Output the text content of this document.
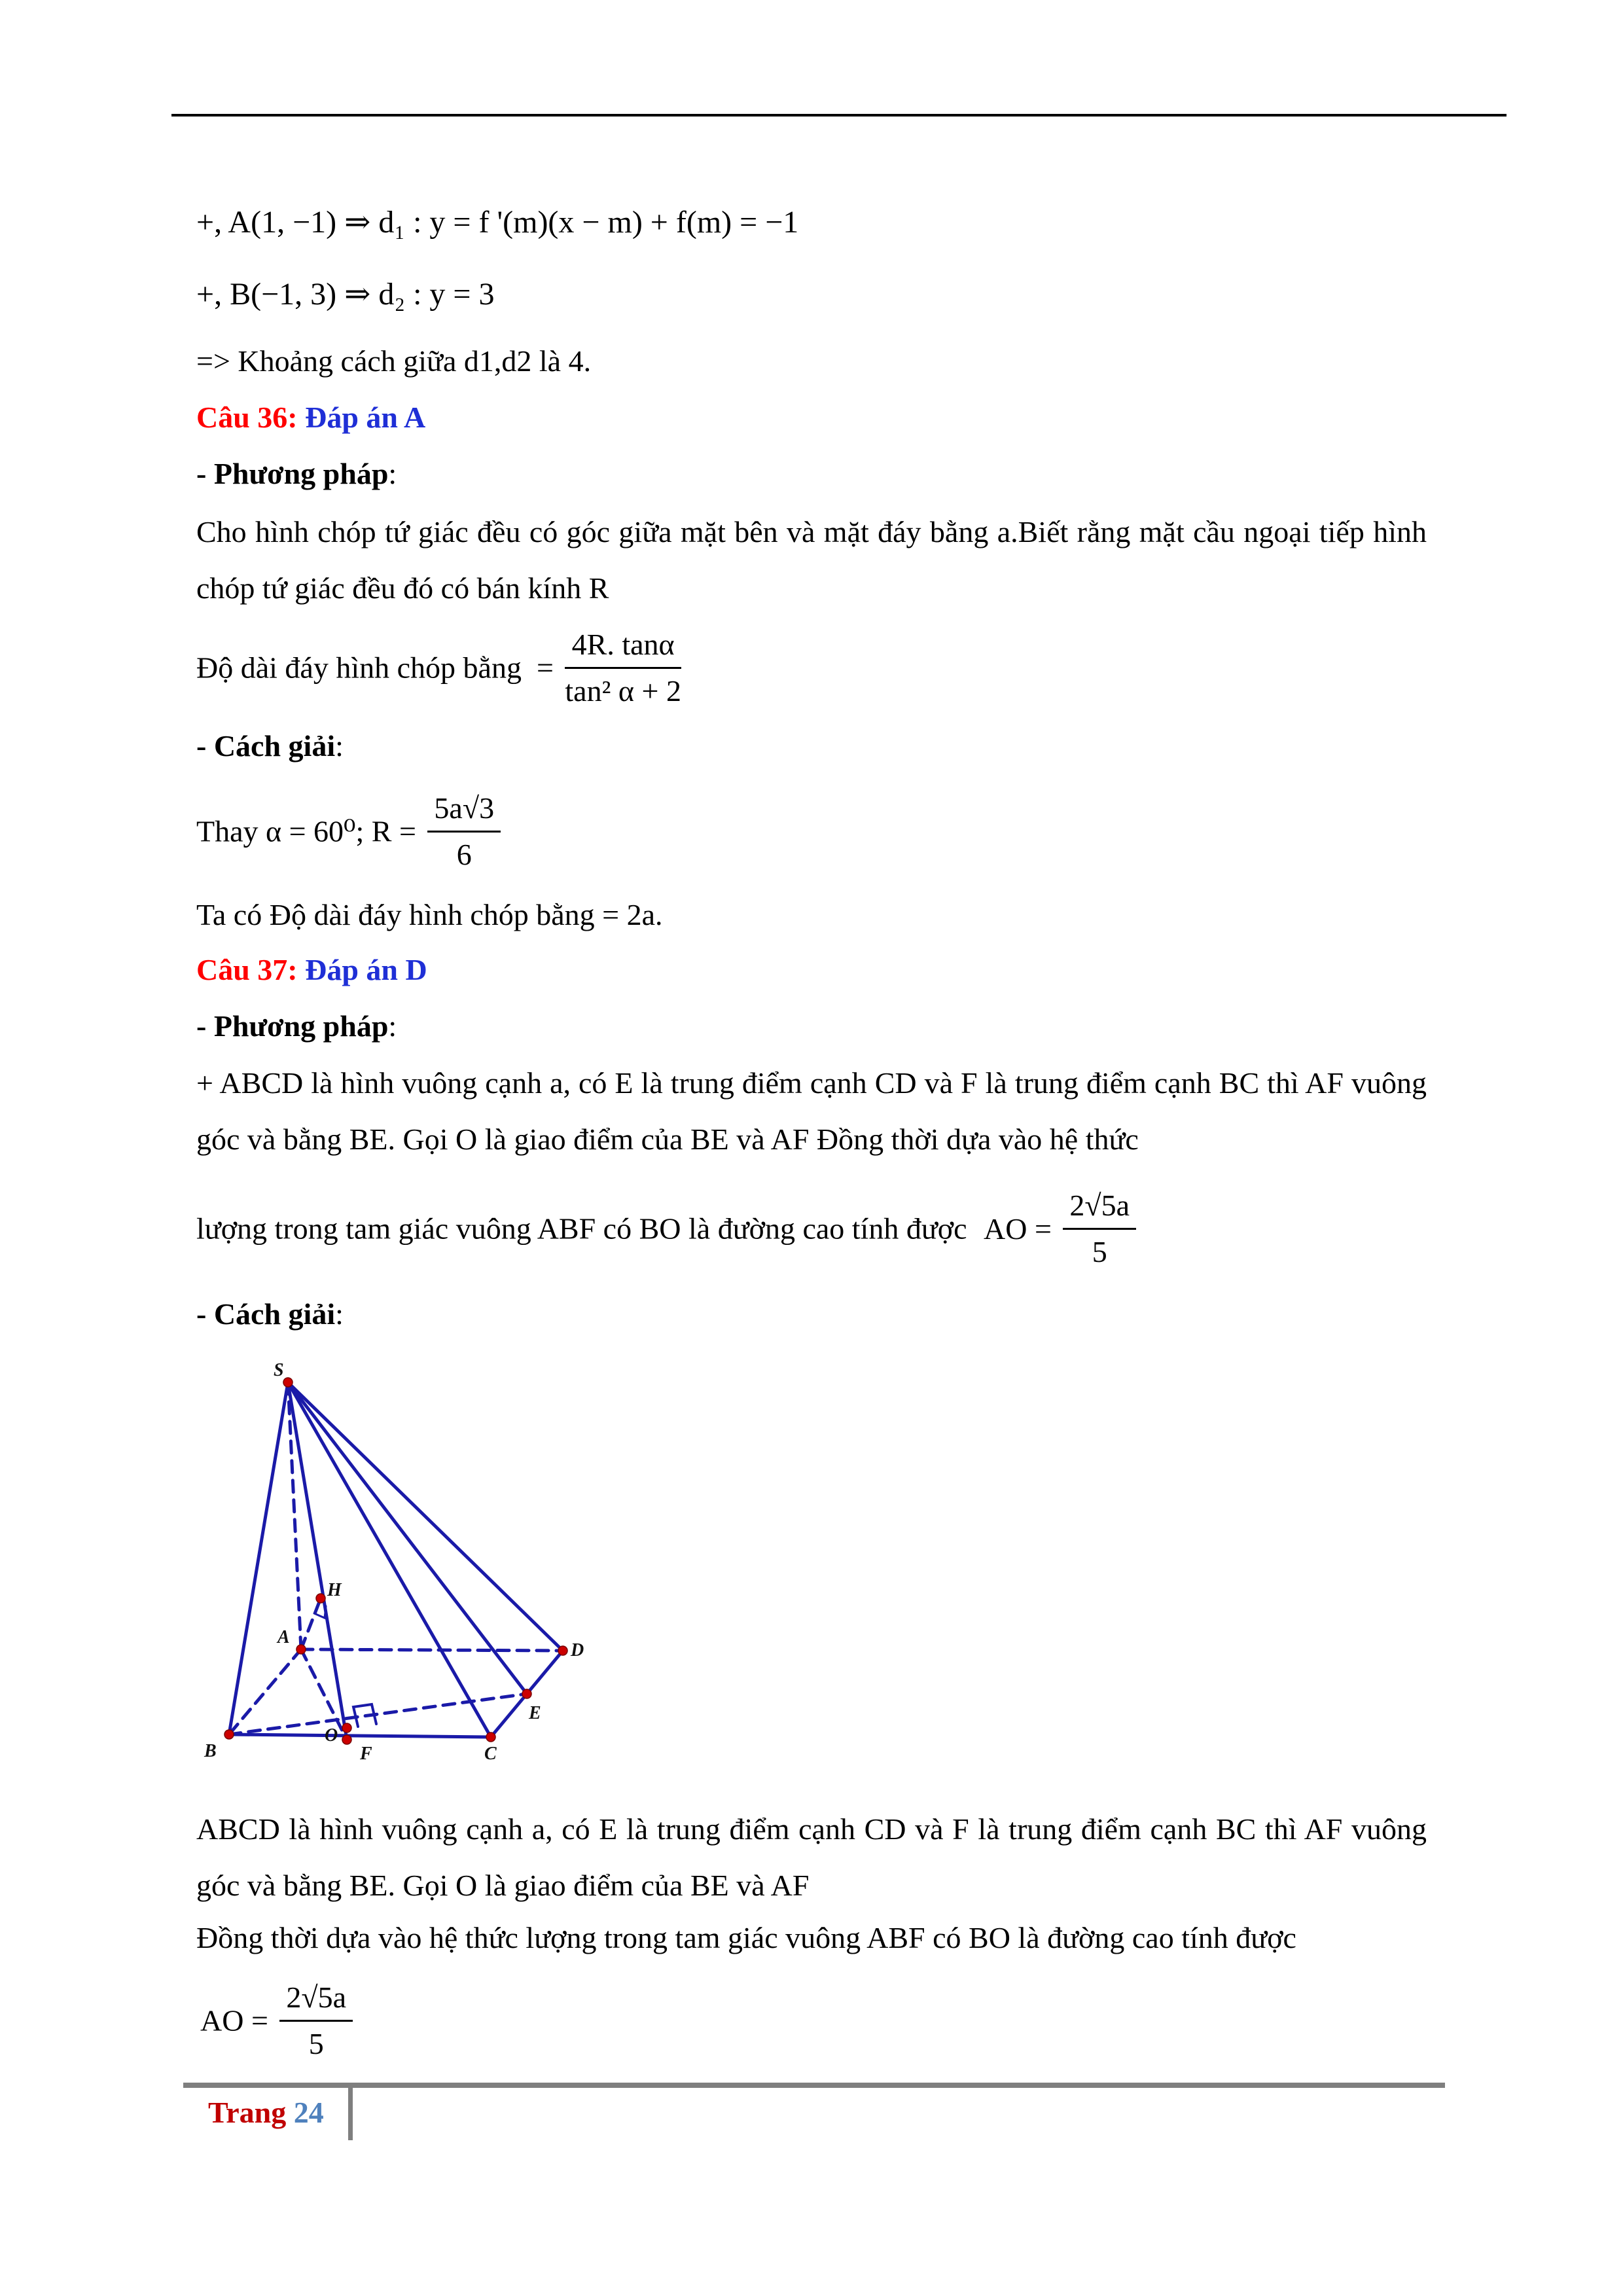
+, A(1, −1) ⇒ d₁ : y = f '(m)(x − m) + f(m) = −1
+, B(−1, 3) ⇒ d₂ : y = 3
=> Khoảng cách giữa d1,d2 là 4.
Câu 36: Đáp án A
- Phương pháp:
Cho hình chóp tứ giác đều có góc giữa mặt bên và mặt đáy bằng a.Biết rằng mặt cầu ngoại tiếp hình chóp tứ giác đều đó có bán kính R
Độ dài đáy hình chóp bằng  = $\frac{4R. \tan\alpha}{\text{tan² α + 2}}$
- Cách giải:
Thay α = 60⁰; $R = \frac{5a√3}{6}$
Ta có Độ dài đáy hình chóp bằng = 2a.
Câu 37: Đáp án D
- Phương pháp:
+ ABCD là hình vuông cạnh a, có E là trung điểm cạnh CD và F là trung điểm cạnh BC thì AF vuông góc và bằng BE. Gọi O là giao điểm của BE và AF Đồng thời dựa vào hệ thức
lượng trong tam giác vuông ABF có BO là đường cao tính được AO = $\frac{2√5a}{5}$
- Cách giải:
S
H
A
D
E
B
O
F	C
ABCD là hình vuông cạnh a, có E là trung điểm cạnh CD và F là trung điểm cạnh BC thì AF vuông góc và bằng BE. Gọi O là giao điểm của BE và AF
Đồng thời dựa vào hệ thức lượng trong tam giác vuông ABF có BO là đường cao tính được
AO = $\frac{2√5a}{5}$
Trang 24
